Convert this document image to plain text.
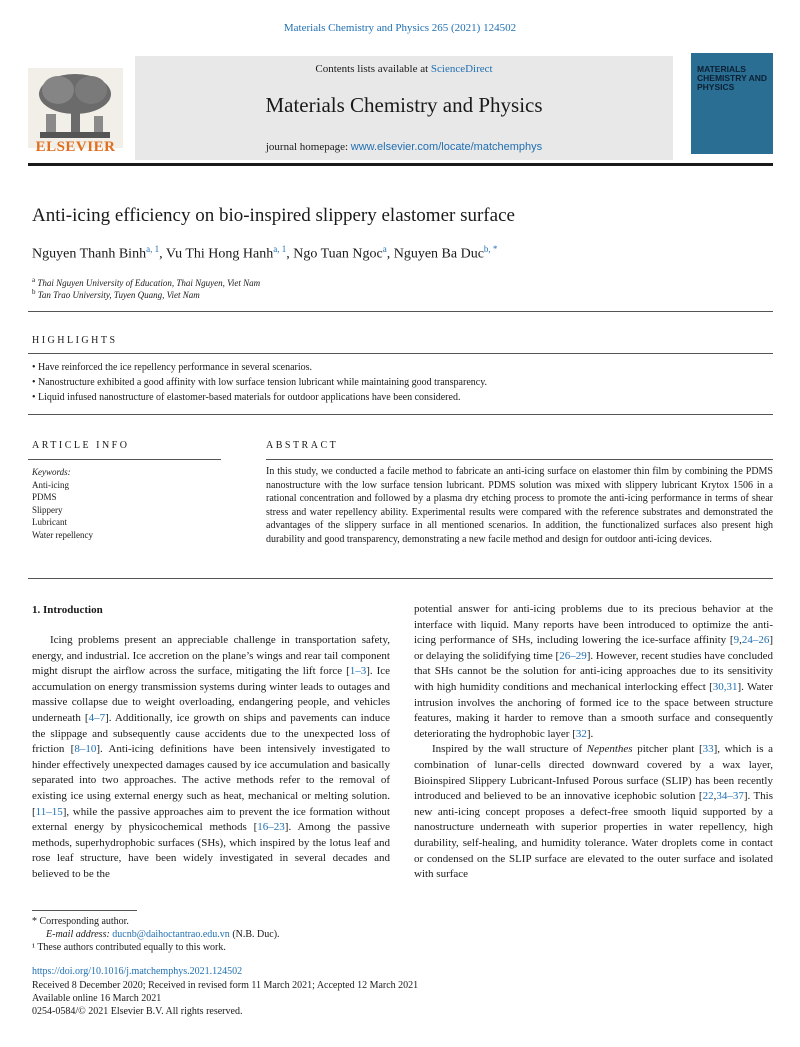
Materials Chemistry and Physics 265 (2021) 124502
Contents lists available at ScienceDirect
Materials Chemistry and Physics
journal homepage: www.elsevier.com/locate/matchemphys
ELSEVIER
MATERIALS CHEMISTRY AND PHYSICS
Anti-icing efficiency on bio-inspired slippery elastomer surface
Nguyen Thanh Binh$^{a, 1}$, Vu Thi Hong Hanh$^{a, 1}$, Ngo Tuan Ngoc$^a$, Nguyen Ba Duc$^{b, *}$
$^a$ Thai Nguyen University of Education, Thai Nguyen, Viet Nam
$^b$ Tan Trao University, Tuyen Quang, Viet Nam
HIGHLIGHTS
• Have reinforced the ice repellency performance in several scenarios.
• Nanostructure exhibited a good affinity with low surface tension lubricant while maintaining good transparency.
• Liquid infused nanostructure of elastomer-based materials for outdoor applications have been considered.
ARTICLE INFO	ABSTRACT
Keywords:
Anti-icing
PDMS
Slippery
Lubricant
Water repellency
In this study, we conducted a facile method to fabricate an anti-icing surface on elastomer thin film by combining the PDMS nanostructure with the low surface tension lubricant. PDMS solution was mixed with slippery lubricant Krytox 1506 in a rational concentration and followed by a plasma dry etching process to promote the anti-icing performance in terms of shear stress and water repellency ability. Experimental results were compared with the reference substrates and demonstrated the advantages of the slippery surface in all mentioned scenarios. In addition, the functionalized surfaces also present high durability and good transparency, demonstrating a new facile method and design for outdoor anti-icing devices.
1. Introduction

Icing problems present an appreciable challenge in transportation safety, energy, and industrial. Ice accretion on the plane’s wings and rear tail component might disrupt the airflow across the surface, mitigating the lift force [1–3]. Ice accumulation on energy transmission systems during winter leads to outages and massive collapse due to weight overloading, endangering people, and vehicles underneath [4–7]. Additionally, ice growth on ships and pavements can induce the slippage and subsequently cause accidents due to the unexpected loss of friction [8–10]. Anti-icing definitions have been intensively investigated to hinder effectively unexpected damages caused by ice accumulation and basically separated into two approaches. The active methods refer to the removal of existing ice using external energy such as heat, mechanical or melting solution. [11–15], while the passive approaches aim to prevent the ice formation without external energy by physicochemical methods [16–23]. Among the passive methods, superhydrophobic surfaces (SHs), which inspired by the lotus leaf and rose leaf structure, have been widely investigated in several decades and believed to be the

potential answer for anti-icing problems due to its precious behavior at the interface with liquid. Many reports have been introduced to optimize the anti-icing performance of SHs, including lowering the ice-surface affinity [9,24–26] or delaying the solidifying time [26–29]. However, recent studies have concluded that SHs cannot be the solution for anti-icing approaches due to its sensitivity with high humidity conditions and mechanical interlocking effect [30,31]. Water intrusion involves the anchoring of formed ice to the space between structure features, making it harder to remove than a smooth surface and consequently deteriorating the hydrophobic layer [32].

Inspired by the wall structure of Nepenthes pitcher plant [33], which is a combination of lunar-cells directed downward covered by a wax layer, Bioinspired Slippery Lubricant-Infused Porous surface (SLIP) has been recently introduced and believed to be an innovative icephobic solution [22,34–37]. This new anti-icing concept proposes a defect-free smooth liquid supported by a nanostructure underneath with superior properties in water repellency, high durability, self-healing, and humidity tolerance. Water droplets come in contact or condensed on the SLIP surface are elevated to the outer surface and isolated with surface

* Corresponding author.
E-mail address: ducnb@daihoctantrao.edu.vn (N.B. Duc).
¹ These authors contributed equally to this work.
https://doi.org/10.1016/j.matchemphys.2021.124502
Received 8 December 2020; Received in revised form 11 March 2021; Accepted 12 March 2021
Available online 16 March 2021
0254-0584/© 2021 Elsevier B.V. All rights reserved.
